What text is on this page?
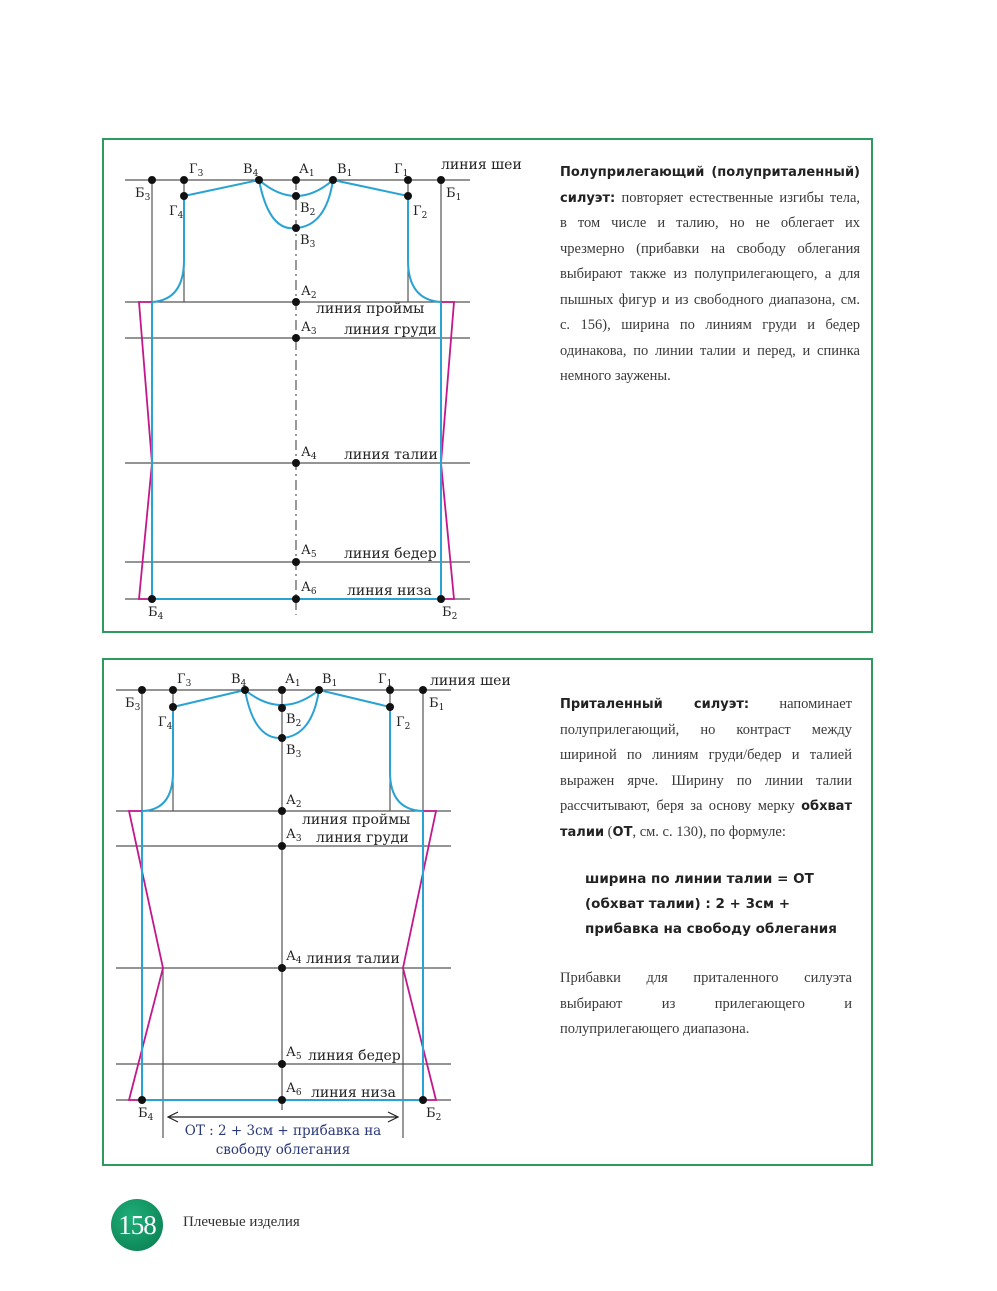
$Б_3$
$Г_3$	$В_4$	$А_1$ $В_1$	$Г_1$
$Б_1$
$Г_4$	$В_2$	$Г_2$
$В_3$
$А_2$
$А_3$
$А_4$
$А_5$
$А_6$
$Б_4$	$Б_2$
линия шеи
линия проймы
линия груди
линия талии
линия бедер
линия низа
Полуприлегающий (полуприталенный) силуэт: повторяет естественные изгибы тела, в том числе и талию, но не облегает их чрезмерно (прибавки на свободу облегания выбирают также из полуприлегающего, а для пышных фигур и из свободного диапазона, см. с. 156), ширина по линиям груди и бедер одинакова, по линии талии и перед, и спинка немного заужены.
$Б_3$
$Г_3$	$В_4$	$А_1$ $В_1$	$Г_1$
$Б_1$
$Г_4$	$В_2$	$Г_2$
$В_3$
$А_2$
$А_3$
$А_4$
$А_5$
$А_6$
$Б_4$	$Б_2$
линия шеи
линия проймы
линия груди
линия талии
линия бедер
линия низа
ОТ : 2 + 3см + прибавка на
свободу облегания

Приталенный силуэт: напоминает полуприлегающий, но контраст между шириной по линиям груди/бедер и талией выражен ярче. Ширину по линии талии рассчитывают, беря за основу мерку обхват талии (ОТ, см. с. 130), по формуле:

ширина по линии талии = ОТ (обхват талии) : 2 + 3см + прибавка на свободу облегания

Прибавки для приталенного силуэта выбирают из прилегающего и полуприлегающего диапазона.

158 Плечевые изделия
